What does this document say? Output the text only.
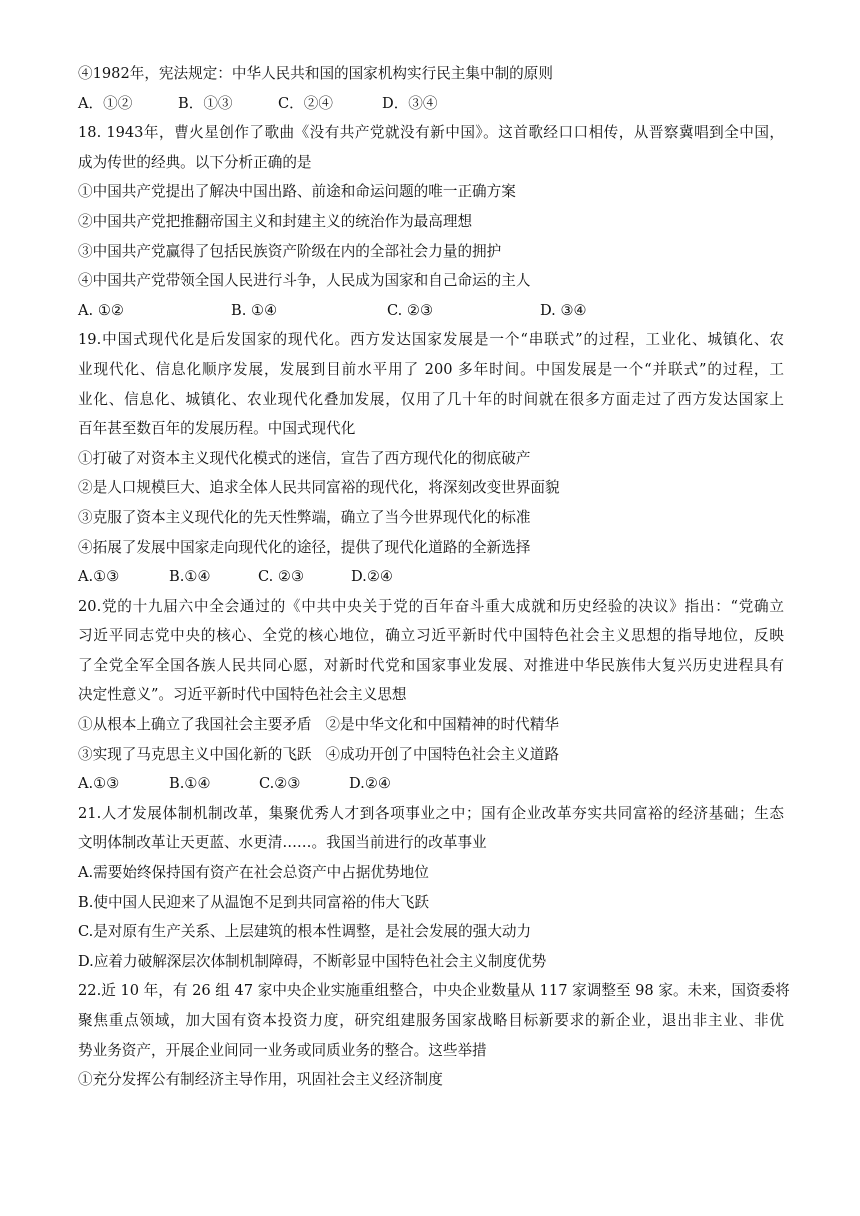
④1982年，宪法规定：中华人民共和国的国家机构实行民主集中制的原则
A．①②	B．①③	C．②④	D．③④
18. 1943年，曹火星创作了歌曲《没有共产党就没有新中国》。这首歌经口口相传，从晋察冀唱到全中国，
成为传世的经典。以下分析正确的是
①中国共产党提出了解决中国出路、前途和命运问题的唯一正确方案
②中国共产党把推翻帝国主义和封建主义的统治作为最高理想
③中国共产党赢得了包括民族资产阶级在内的全部社会力量的拥护
④中国共产党带领全国人民进行斗争，人民成为国家和自己命运的主人
A. ①②	B. ①④	C. ②③	D. ③④
19.中国式现代化是后发国家的现代化。西方发达国家发展是一个“串联式”的过程，工业化、城镇化、农
业现代化、信息化顺序发展，发展到目前水平用了 200 多年时间。中国发展是一个“并联式”的过程，工
业化、信息化、城镇化、农业现代化叠加发展，仅用了几十年的时间就在很多方面走过了西方发达国家上
百年甚至数百年的发展历程。中国式现代化
①打破了对资本主义现代化模式的迷信，宣告了西方现代化的彻底破产
②是人口规模巨大、追求全体人民共同富裕的现代化，将深刻改变世界面貌
③克服了资本主义现代化的先天性弊端，确立了当今世界现代化的标准
④拓展了发展中国家走向现代化的途径，提供了现代化道路的全新选择
A.①③	B.①④	C. ②③	D.②④
20.党的十九届六中全会通过的《中共中央关于党的百年奋斗重大成就和历史经验的决议》指出：“党确立
习近平同志党中央的核心、全党的核心地位，确立习近平新时代中国特色社会主义思想的指导地位，反映
了全党全军全国各族人民共同心愿，对新时代党和国家事业发展、对推进中华民族伟大复兴历史进程具有
决定性意义”。习近平新时代中国特色社会主义思想
①从根本上确立了我国社会主要矛盾   ②是中华文化和中国精神的时代精华
③实现了马克思主义中国化新的飞跃   ④成功开创了中国特色社会主义道路
A.①③	B.①④	C.②③	D.②④
21.人才发展体制机制改革，集聚优秀人才到各项事业之中；国有企业改革夯实共同富裕的经济基础；生态
文明体制改革让天更蓝、水更清……。我国当前进行的改革事业
A.需要始终保持国有资产在社会总资产中占据优势地位
B.使中国人民迎来了从温饱不足到共同富裕的伟大飞跃
C.是对原有生产关系、上层建筑的根本性调整，是社会发展的强大动力
D.应着力破解深层次体制机制障碍，不断彰显中国特色社会主义制度优势
22.近 10 年，有 26 组 47 家中央企业实施重组整合，中央企业数量从 117 家调整至 98 家。未来，国资委将
聚焦重点领域，加大国有资本投资力度，研究组建服务国家战略目标新要求的新企业，退出非主业、非优
势业务资产，开展企业间同一业务或同质业务的整合。这些举措
①充分发挥公有制经济主导作用，巩固社会主义经济制度
